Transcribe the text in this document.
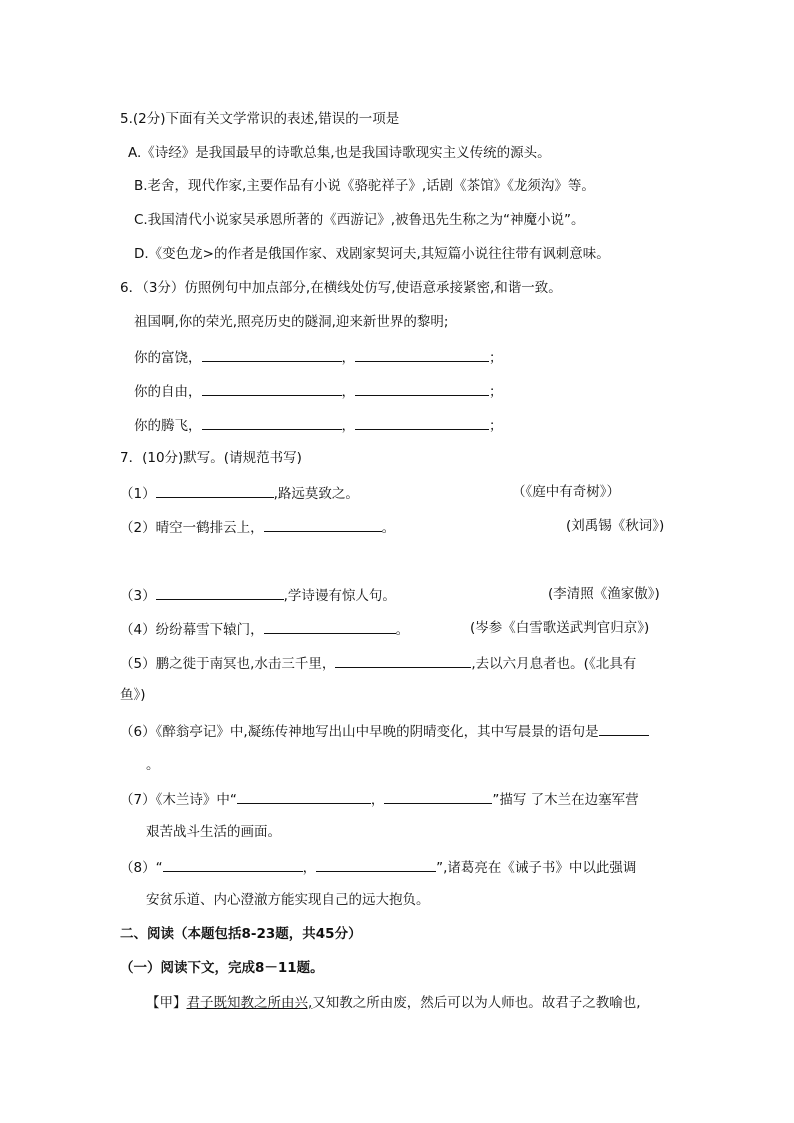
5.(2分)下面有关文学常识的表述,错误的一项是
A.《诗经》是我国最早的诗歌总集,也是我国诗歌现实主义传统的源头。
B.老舍，现代作家,主要作品有小说《骆驼祥子》,话剧《茶馆》《龙须沟》等。
C.我国清代小说家吴承恩所著的《西游记》,被鲁迅先生称之为“神魔小说”。
D.《变色龙>的作者是俄国作家、戏剧家契诃夫,其短篇小说往往带有讽刺意味。
6．（3分）仿照例句中加点部分,在横线处仿写,使语意承接紧密,和谐一致。
祖国啊,你的荣光,照亮历史的隧洞,迎来新世界的黎明;
你的富饶，	，	；
你的自由，	，	；
你的腾飞，	，	；
7．(10分)默写。(请规范书写)
（1）	,路远莫致之。	（《庭中有奇树》）
（2）晴空一鹤排云上，	。	(刘禹锡《秋词》)
（3）	,学诗谩有惊人句。	(李清照《渔家傲》)
（4）纷纷幕雪下辕门，	。	(岑参《白雪歌送武判官归京》)
（5）鹏之徙于南冥也,水击三千里，	,去以六月息者也。(《北具有
鱼》)
（6）《醉翁亭记》中,凝练传神地写出山中早晚的阴晴变化，其中写晨景的语句是
。
（7）《木兰诗》中“	，	”描写 了木兰在边塞军营
艰苦战斗生活的画面。
（8）“	，	”,诸葛亮在《诫子书》中以此强调
安贫乐道、内心澄澈方能实现自己的远大抱负。
二、阅读（本题包括8-23题，共45分）
（一）阅读下文，完成8－11题。
【甲】君子既知教之所由兴,又知教之所由废，然后可以为人师也。故君子之教喻也,
